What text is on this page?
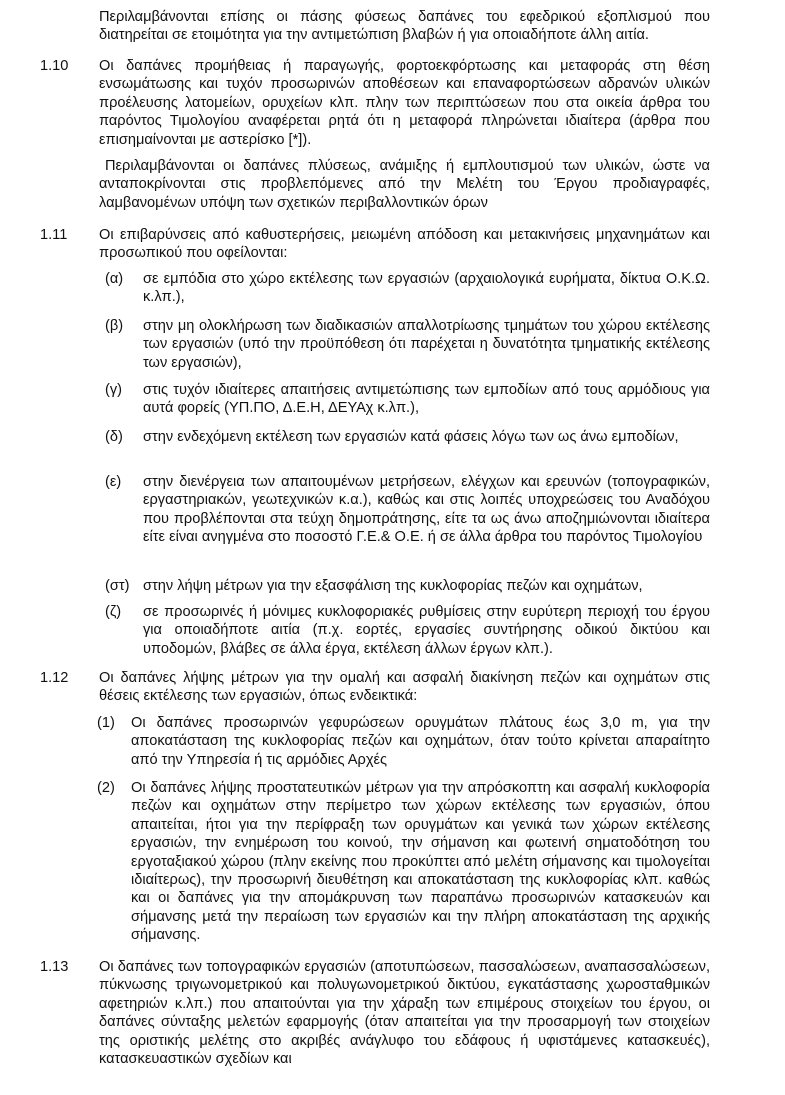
Περιλαμβάνονται επίσης οι πάσης φύσεως δαπάνες του εφεδρικού εξοπλισμού που διατηρείται σε ετοιμότητα για την αντιμετώπιση βλαβών ή για οποιαδήποτε άλλη αιτία.

1.10	Οι δαπάνες προμήθειας ή παραγωγής, φορτοεκφόρτωσης και μεταφοράς στη θέση ενσωμάτωσης και τυχόν προσωρινών αποθέσεων και επαναφορτώσεων αδρανών υλικών προέλευσης λατομείων, ορυχείων κλπ. πλην των περιπτώσεων που στα οικεία άρθρα του παρόντος Τιμολογίου αναφέρεται ρητά ότι η μεταφορά πληρώνεται ιδιαίτερα (άρθρα που επισημαίνονται με αστερίσκο [*]).

Περιλαμβάνονται οι δαπάνες πλύσεως, ανάμιξης ή εμπλουτισμού των υλικών, ώστε να ανταποκρίνονται στις προβλεπόμενες από την Μελέτη του Έργου προδιαγραφές, λαμβανομένων υπόψη των σχετικών περιβαλλοντικών όρων

1.11	Οι επιβαρύνσεις από καθυστερήσεις, μειωμένη απόδοση και μετακινήσεις μηχανημάτων και προσωπικού που οφείλονται:

(α)	σε εμπόδια στο χώρο εκτέλεσης των εργασιών (αρχαιολογικά ευρήματα, δίκτυα Ο.Κ.Ω. κ.λπ.),

(β)	στην μη ολοκλήρωση των διαδικασιών απαλλοτρίωσης τμημάτων του χώρου εκτέλεσης των εργασιών (υπό την προϋπόθεση ότι παρέχεται η δυνατότητα τμηματικής εκτέλεσης των εργασιών),

(γ)	στις τυχόν ιδιαίτερες απαιτήσεις αντιμετώπισης των εμποδίων από τους αρμόδιους για αυτά φορείς (ΥΠ.ΠΟ, Δ.Ε.Η, ΔΕΥΑχ κ.λπ.),

(δ)	στην ενδεχόμενη εκτέλεση των εργασιών κατά φάσεις λόγω των ως άνω εμποδίων,

(ε)	στην διενέργεια των απαιτουμένων μετρήσεων, ελέγχων και ερευνών (τοπογραφικών, εργαστηριακών, γεωτεχνικών κ.α.), καθώς και στις λοιπές υποχρεώσεις του Αναδόχου που προβλέπονται στα τεύχη δημοπράτησης, είτε τα ως άνω αποζημιώνονται ιδιαίτερα είτε είναι ανηγμένα στο ποσοστό Γ.Ε.& Ο.Ε. ή σε άλλα άρθρα του παρόντος Τιμολογίου

(στ) στην λήψη μέτρων για την εξασφάλιση της κυκλοφορίας πεζών και οχημάτων,

(ζ)	σε προσωρινές ή μόνιμες κυκλοφοριακές ρυθμίσεις στην ευρύτερη περιοχή του έργου για οποιαδήποτε αιτία (π.χ. εορτές, εργασίες συντήρησης οδικού δικτύου και υποδομών, βλάβες σε άλλα έργα, εκτέλεση άλλων έργων κλπ.).

1.12	Οι δαπάνες λήψης μέτρων για την ομαλή και ασφαλή διακίνηση πεζών και οχημάτων στις θέσεις εκτέλεσης των εργασιών, όπως ενδεικτικά:

(1)	Οι δαπάνες προσωρινών γεφυρώσεων ορυγμάτων πλάτους έως 3,0 m, για την αποκατάσταση της κυκλοφορίας πεζών και οχημάτων, όταν τούτο κρίνεται απαραίτητο από την Υπηρεσία ή τις αρμόδιες Αρχές

(2)	Οι δαπάνες λήψης προστατευτικών μέτρων για την απρόσκοπτη και ασφαλή κυκλοφορία πεζών και οχημάτων στην περίμετρο των χώρων εκτέλεσης των εργασιών, όπου απαιτείται, ήτοι για την περίφραξη των ορυγμάτων και γενικά των χώρων εκτέλεσης εργασιών, την ενημέρωση του κοινού, την σήμανση και φωτεινή σηματοδότηση του εργοταξιακού χώρου (πλην εκείνης που προκύπτει από μελέτη σήμανσης και τιμολογείται ιδιαίτερως), την προσωρινή διευθέτηση και αποκατάσταση της κυκλοφορίας κλπ. καθώς και οι δαπάνες για την απομάκρυνση των παραπάνω προσωρινών κατασκευών και σήμανσης μετά την περαίωση των εργασιών και την πλήρη αποκατάσταση της αρχικής σήμανσης.

1.13	Οι δαπάνες των τοπογραφικών εργασιών (αποτυπώσεων, πασσαλώσεων, αναπασσαλώσεων, πύκνωσης τριγωνομετρικού και πολυγωνομετρικού δικτύου, εγκατάστασης χωροσταθμικών αφετηριών κ.λπ.) που απαιτούνται για την χάραξη των επιμέρους στοιχείων του έργου, οι δαπάνες σύνταξης μελετών εφαρμογής (όταν απαιτείται για την προσαρμογή των στοιχείων της οριστικής μελέτης στο ακριβές ανάγλυφο του εδάφους ή υφιστάμενες κατασκευές), κατασκευαστικών σχεδίων και
